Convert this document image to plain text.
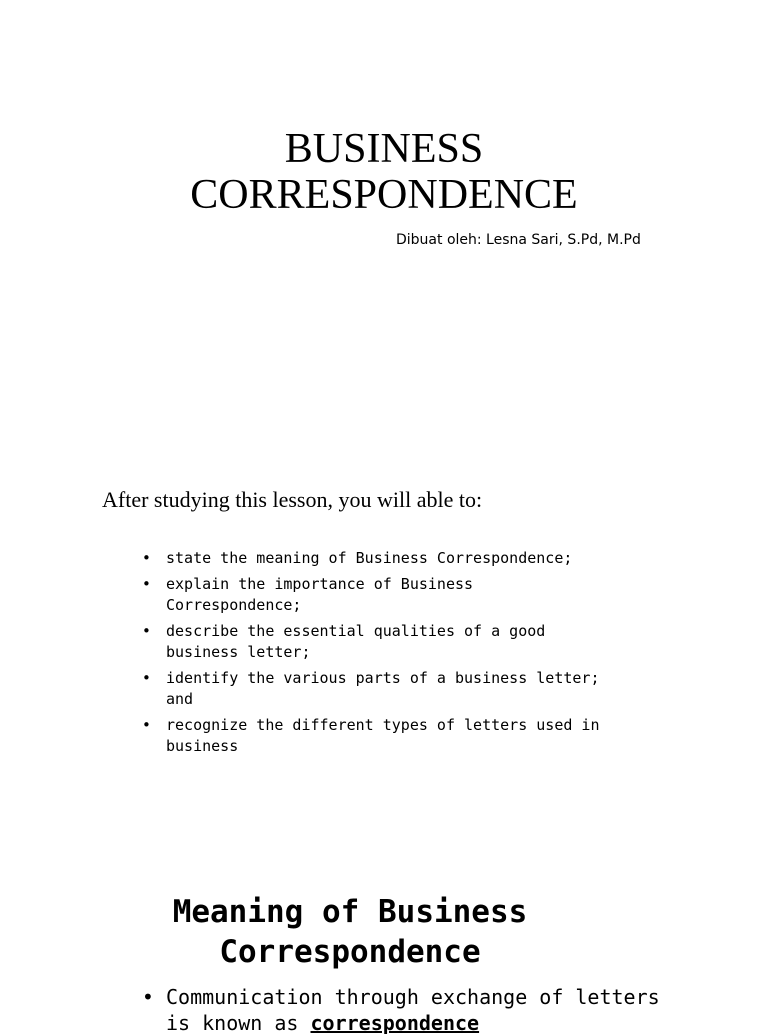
BUSINESS
CORRESPONDENCE
Dibuat oleh: Lesna Sari, S.Pd, M.Pd
After studying this lesson, you will able to:
• state the meaning of Business Correspondence;
• explain the importance of Business Correspondence;
• describe the essential qualities of a good business letter;
• identify the various parts of a business letter; and
• recognize the different types of letters used in business
Meaning of Business
Correspondence
• Communication through exchange of letters is known as correspondence
